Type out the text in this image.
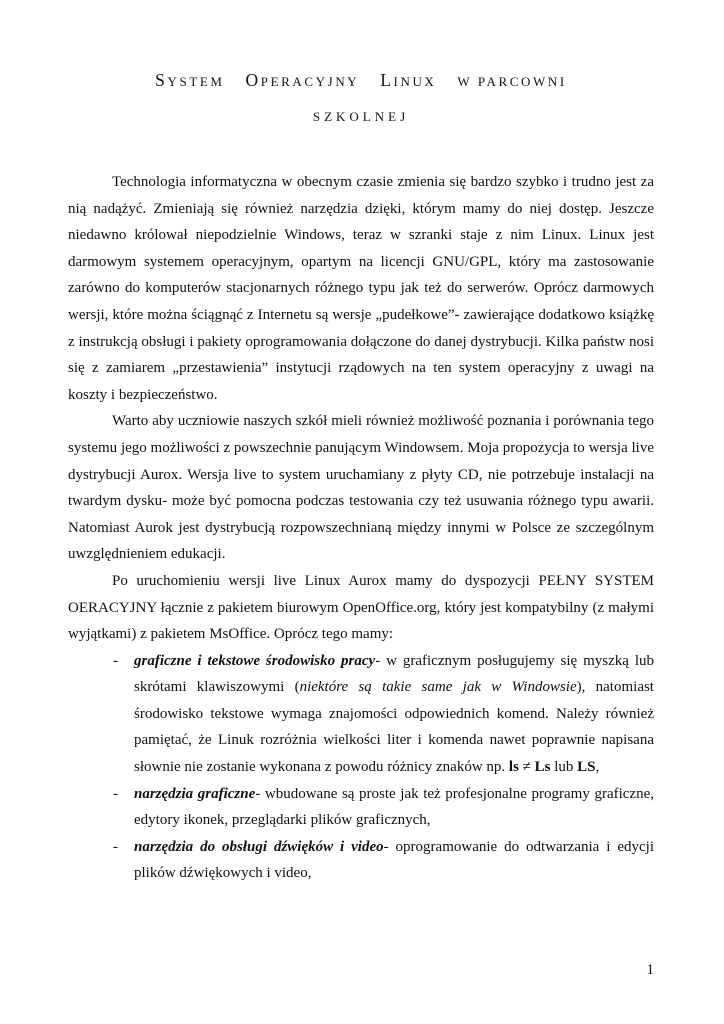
SYSTEM OPERACYJNY LINUX W PARCOWNI
SZKOLNEJ

Technologia informatyczna w obecnym czasie zmienia się bardzo szybko i trudno jest za nią nadążyć. Zmieniają się również narzędzia dzięki, którym mamy do niej dostęp. Jeszcze niedawno królował niepodzielnie Windows, teraz w szranki staje z nim Linux. Linux jest darmowym systemem operacyjnym, opartym na licencji GNU/GPL, który ma zastosowanie zarówno do komputerów stacjonarnych różnego typu jak też do serwerów. Oprócz darmowych wersji, które można ściągnąć z Internetu są wersje „pudełkowe”- zawierające dodatkowo książkę z instrukcją obsługi i pakiety oprogramowania dołączone do danej dystrybucji. Kilka państw nosi się z zamiarem „przestawienia” instytucji rządowych na ten system operacyjny z uwagi na koszty i bezpieczeństwo.

Warto aby uczniowie naszych szkół mieli również możliwość poznania i porównania tego systemu jego możliwości z powszechnie panującym Windowsem. Moja propozycja to wersja live dystrybucji Aurox. Wersja live to system uruchamiany z płyty CD, nie potrzebuje instalacji na twardym dysku- może być pomocna podczas testowania czy też usuwania różnego typu awarii. Natomiast Aurok jest dystrybucją rozpowszechnianą między innymi w Polsce ze szczególnym uwzględnieniem edukacji.

Po uruchomieniu wersji live Linux Aurox mamy do dyspozycji PEŁNY SYSTEM OERACYJNY łącznie z pakietem biurowym OpenOffice.org, który jest kompatybilny (z małymi wyjątkami) z pakietem MsOffice. Oprócz tego mamy:

- graficzne i tekstowe środowisko pracy- w graficznym posługujemy się myszką lub skrótami klawiszowymi (niektóre są takie same jak w Windowsie), natomiast środowisko tekstowe wymaga znajomości odpowiednich komend. Należy również pamiętać, że Linuk rozróżnia wielkości liter i komenda nawet poprawnie napisana słownie nie zostanie wykonana z powodu różnicy znaków np. ls ≠ Ls lub LS,
- narzędzia graficzne- wbudowane są proste jak też profesjonalne programy graficzne, edytory ikonek, przeglądarki plików graficznych,
- narzędzia do obsługi dźwięków i video- oprogramowanie do odtwarzania i edycji plików dźwiękowych i video,
1
